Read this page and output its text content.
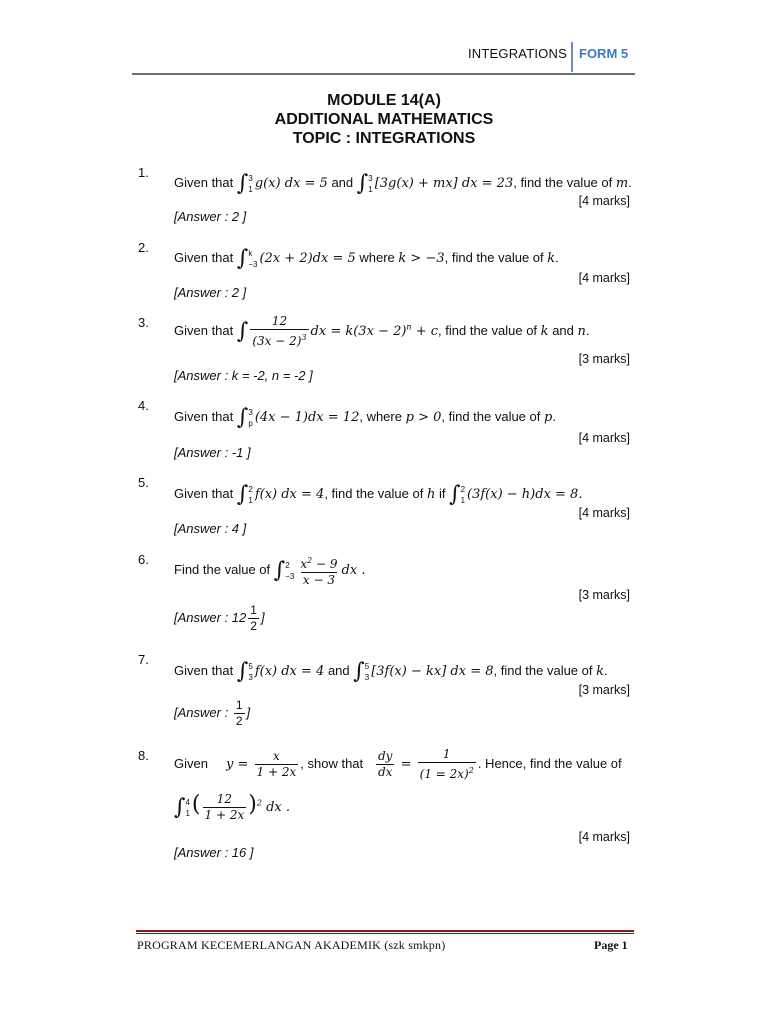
INTEGRATIONS FORM 5
MODULE 14(A)
ADDITIONAL MATHEMATICS
TOPIC : INTEGRATIONS
1.
Given that ∫ 3
1 g(x) dx = 5 and ∫ 3
1 [3g(x) + mx] dx = 23, find the value of m.
[4 marks]
[Answer : 2 ]
2.
Given that ∫ k
−3 (2x + 2)dx = 5 where k > −3, find the value of k.
[4 marks]
[Answer : 2 ]
3.
Given that ∫ $\frac{12}{(3x - 2)^3}$ dx = $k(3x - 2)^n + c$, find the value of k and n.
[3 marks]
[Answer : k = -2, n = -2 ]
4.
Given that ∫ 3
p (4x − 1)dx = 12, where p > 0, find the value of p.
[4 marks]
[Answer : -1 ]
5.
Given that ∫ 2
1 f(x) dx = 4, find the value of h if ∫ 2
1 (3f(x) − h)dx = 8.
[4 marks]
[Answer : 4 ]
6.
Find the value of ∫ 2
$-3 \frac{x^2 - 9}{x - 3}$ dx .
[3 marks]
[Answer : $12 \frac{1}{2}$ ]
7.
Given that ∫ 5
3 f(x) dx = 4 and ∫ 5
3 [3f(x) − kx] dx = 8, find the value of k.
[3 marks]
[Answer : $\frac{1}{2}$ ]
8.
Given $y = \frac{x}{1 + 2x}$ , show that $\frac{dy}{dx} = \frac{1}{(1 = 2x)^2}$ . Hence, find the value of
∫ 4
1 ( $\frac{12}{1 + 2x} )^2$ dx .
[4 marks]
[Answer : 16 ]
PROGRAM KECEMERLANGAN AKADEMIK (szk smkpn)	Page 1
